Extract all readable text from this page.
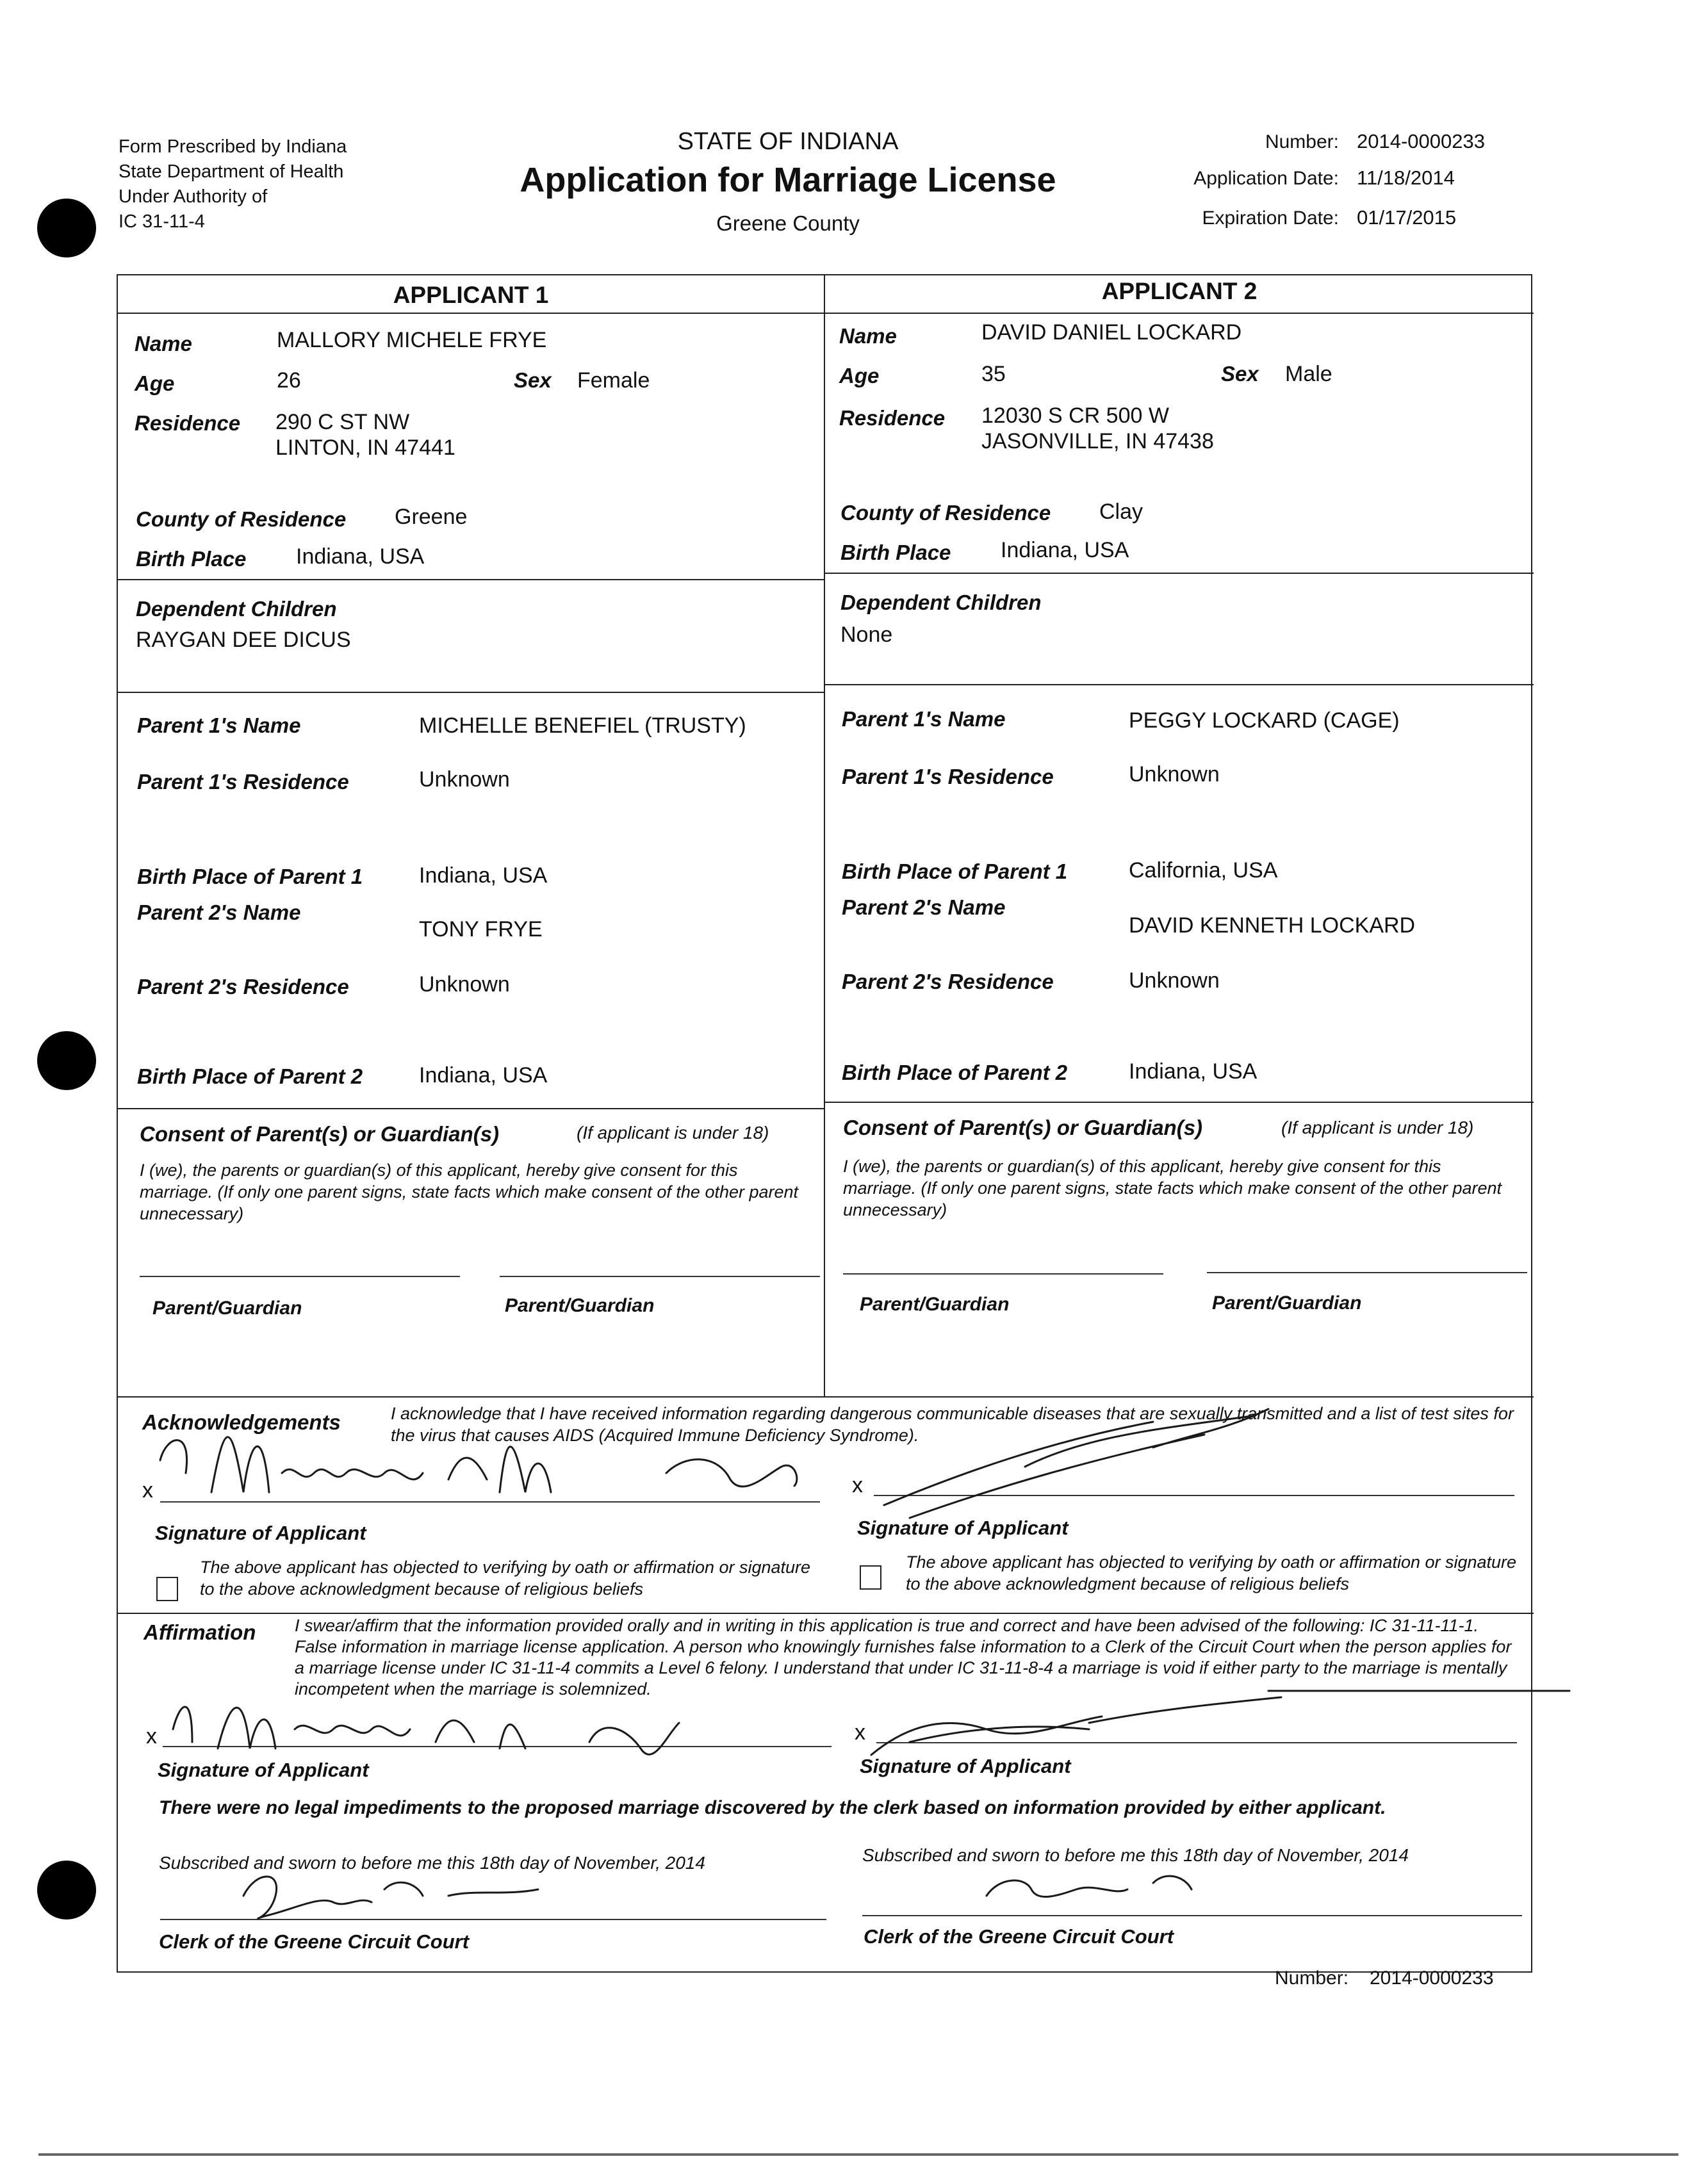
Form Prescribed by Indiana
State Department of Health
Under Authority of
IC 31-11-4
STATE OF INDIANA
Application for Marriage License
Greene County
Number: 2014-0000233
Application Date: 11/18/2014
Expiration Date: 01/17/2015
APPLICANT 1	APPLICANT 2
Name	MALLORY MICHELE FRYE
Age	26	Sex Female
Residence 290 C ST NW
LINTON, IN 47441
County of Residence Greene
Birth Place Indiana, USA
Name	DAVID DANIEL LOCKARD
Age	35	Sex Male
Residence 12030 S CR 500 W
JASONVILLE, IN 47438
County of Residence Clay
Birth Place Indiana, USA
Dependent Children
RAYGAN DEE DICUS
Dependent Children
None
Parent 1's Name	MICHELLE BENEFIEL (TRUSTY)
Parent 1's Residence	Unknown
Birth Place of Parent 1	Indiana, USA
Parent 2's Name
TONY FRYE
Parent 2's Residence	Unknown
Birth Place of Parent 2	Indiana, USA
Parent 1's Name	PEGGY LOCKARD (CAGE)
Parent 1's Residence	Unknown
Birth Place of Parent 1	California, USA
Parent 2's Name
DAVID KENNETH LOCKARD
Parent 2's Residence	Unknown
Birth Place of Parent 2	Indiana, USA
Consent of Parent(s) or Guardian(s)	(If applicant is under 18)
I (we), the parents or guardian(s) of this applicant, hereby give consent for this marriage. (If only one parent signs, state facts which make consent of the other parent unnecessary)
Parent/Guardian	Parent/Guardian
Consent of Parent(s) or Guardian(s)	(If applicant is under 18)
I (we), the parents or guardian(s) of this applicant, hereby give consent for this marriage. (If only one parent signs, state facts which make consent of the other parent unnecessary)
Parent/Guardian	Parent/Guardian
Acknowledgements	I acknowledge that I have received information regarding dangerous communicable diseases that are sexually transmitted and a list of test sites for the virus that causes AIDS (Acquired Immune Deficiency Syndrome).
x
Signature of Applicant
x
Signature of Applicant
The above applicant has objected to verifying by oath or affirmation or signature to the above acknowledgment because of religious beliefs
The above applicant has objected to verifying by oath or affirmation or signature to the above acknowledgment because of religious beliefs
Affirmation I swear/affirm that the information provided orally and in writing in this application is true and correct and have been advised of the following: IC 31-11-11-1. False information in marriage license application. A person who knowingly furnishes false information to a Clerk of the Circuit Court when the person applies for a marriage license under IC 31-11-4 commits a Level 6 felony. I understand that under IC 31-11-8-4 a marriage is void if either party to the marriage is mentally incompetent when the marriage is solemnized.
x
Signature of Applicant
x
Signature of Applicant
There were no legal impediments to the proposed marriage discovered by the clerk based on information provided by either applicant.
Subscribed and sworn to before me this 18th day of November, 2014
Clerk of the Greene Circuit Court
Subscribed and sworn to before me this 18th day of November, 2014
Clerk of the Greene Circuit Court
Number: 2014-0000233
